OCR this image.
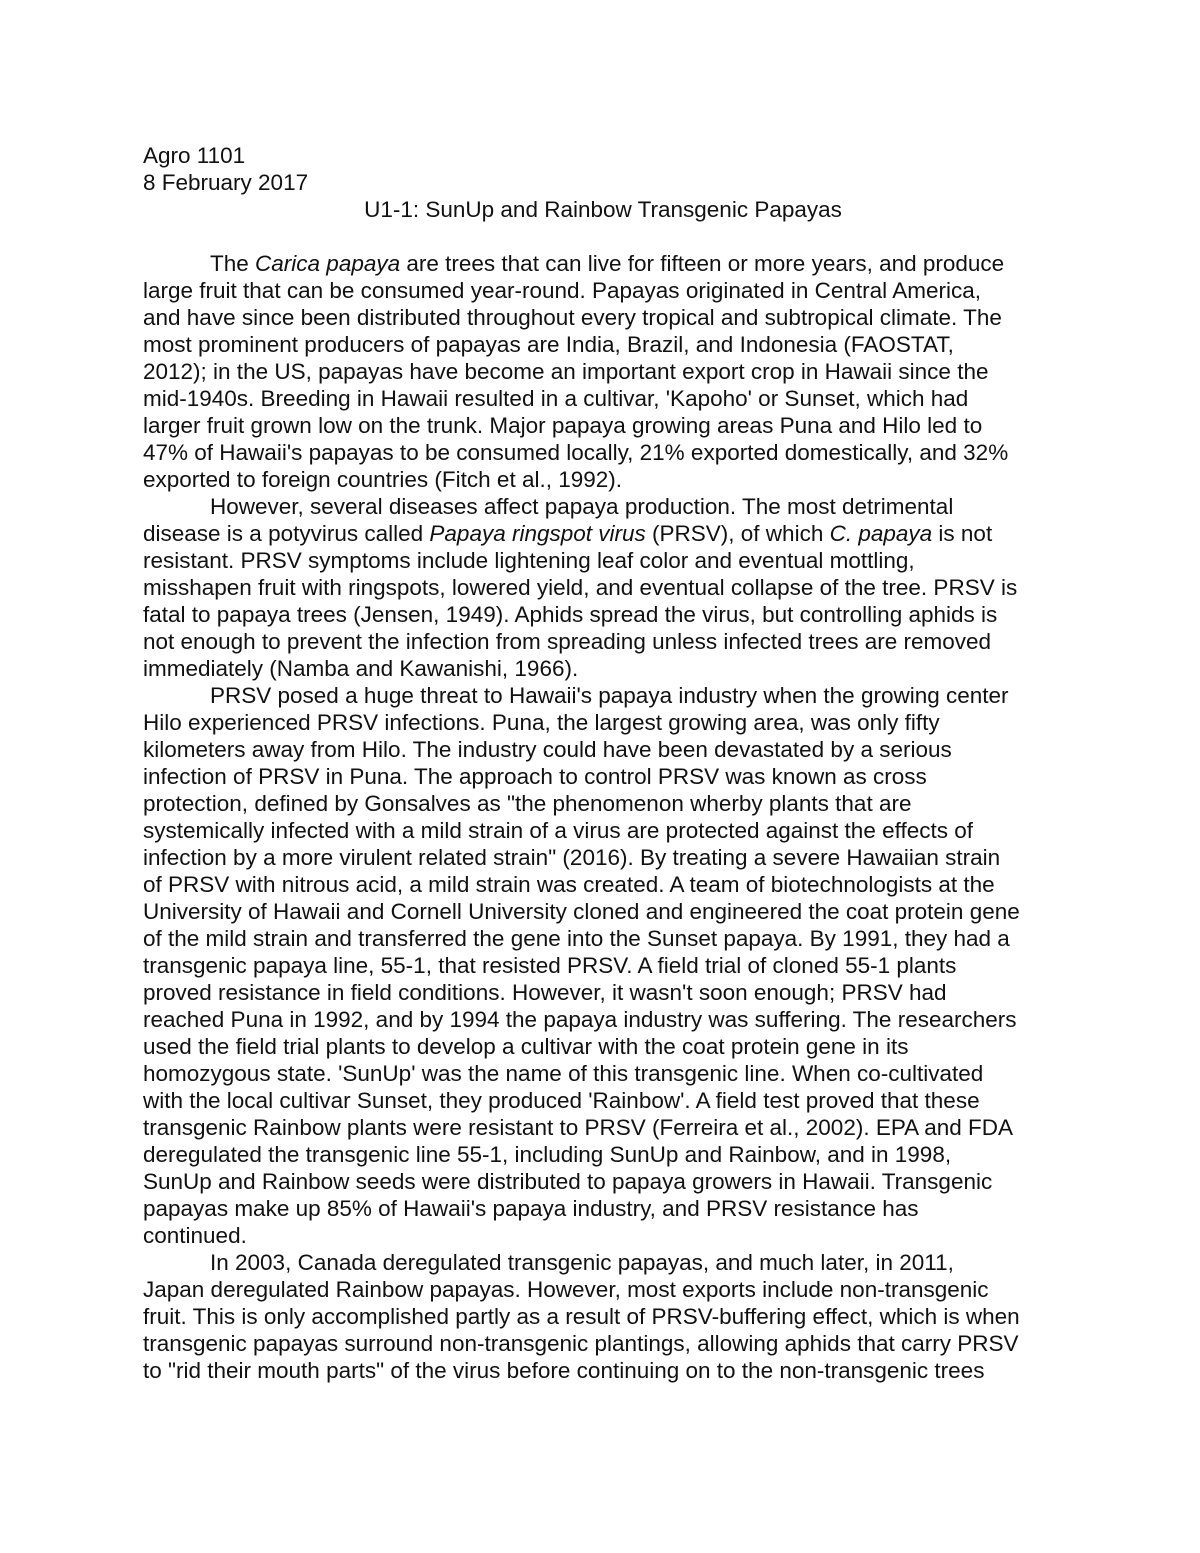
Agro 1101

8 February 2017

U1-1: SunUp and Rainbow Transgenic Papayas

The Carica papaya are trees that can live for fifteen or more years, and produce
large fruit that can be consumed year-round. Papayas originated in Central America,
and have since been distributed throughout every tropical and subtropical climate. The
most prominent producers of papayas are India, Brazil, and Indonesia (FAOSTAT,
2012); in the US, papayas have become an important export crop in Hawaii since the
mid-1940s. Breeding in Hawaii resulted in a cultivar, 'Kapoho' or Sunset, which had
larger fruit grown low on the trunk. Major papaya growing areas Puna and Hilo led to
47% of Hawaii's papayas to be consumed locally, 21% exported domestically, and 32%
exported to foreign countries (Fitch et al., 1992).

However, several diseases affect papaya production. The most detrimental
disease is a potyvirus called Papaya ringspot virus (PRSV), of which C. papaya is not
resistant. PRSV symptoms include lightening leaf color and eventual mottling,
misshapen fruit with ringspots, lowered yield, and eventual collapse of the tree. PRSV is
fatal to papaya trees (Jensen, 1949). Aphids spread the virus, but controlling aphids is
not enough to prevent the infection from spreading unless infected trees are removed
immediately (Namba and Kawanishi, 1966).

PRSV posed a huge threat to Hawaii's papaya industry when the growing center
Hilo experienced PRSV infections. Puna, the largest growing area, was only fifty
kilometers away from Hilo. The industry could have been devastated by a serious
infection of PRSV in Puna. The approach to control PRSV was known as cross
protection, defined by Gonsalves as "the phenomenon wherby plants that are
systemically infected with a mild strain of a virus are protected against the effects of
infection by a more virulent related strain" (2016). By treating a severe Hawaiian strain
of PRSV with nitrous acid, a mild strain was created. A team of biotechnologists at the
University of Hawaii and Cornell University cloned and engineered the coat protein gene
of the mild strain and transferred the gene into the Sunset papaya. By 1991, they had a
transgenic papaya line, 55-1, that resisted PRSV. A field trial of cloned 55-1 plants
proved resistance in field conditions. However, it wasn't soon enough; PRSV had
reached Puna in 1992, and by 1994 the papaya industry was suffering. The researchers
used the field trial plants to develop a cultivar with the coat protein gene in its
homozygous state. 'SunUp' was the name of this transgenic line. When co-cultivated
with the local cultivar Sunset, they produced 'Rainbow'. A field test proved that these
transgenic Rainbow plants were resistant to PRSV (Ferreira et al., 2002). EPA and FDA
deregulated the transgenic line 55-1, including SunUp and Rainbow, and in 1998,
SunUp and Rainbow seeds were distributed to papaya growers in Hawaii. Transgenic
papayas make up 85% of Hawaii's papaya industry, and PRSV resistance has
continued.

In 2003, Canada deregulated transgenic papayas, and much later, in 2011,
Japan deregulated Rainbow papayas. However, most exports include non-transgenic
fruit. This is only accomplished partly as a result of PRSV-buffering effect, which is when
transgenic papayas surround non-transgenic plantings, allowing aphids that carry PRSV
to "rid their mouth parts" of the virus before continuing on to the non-transgenic trees
